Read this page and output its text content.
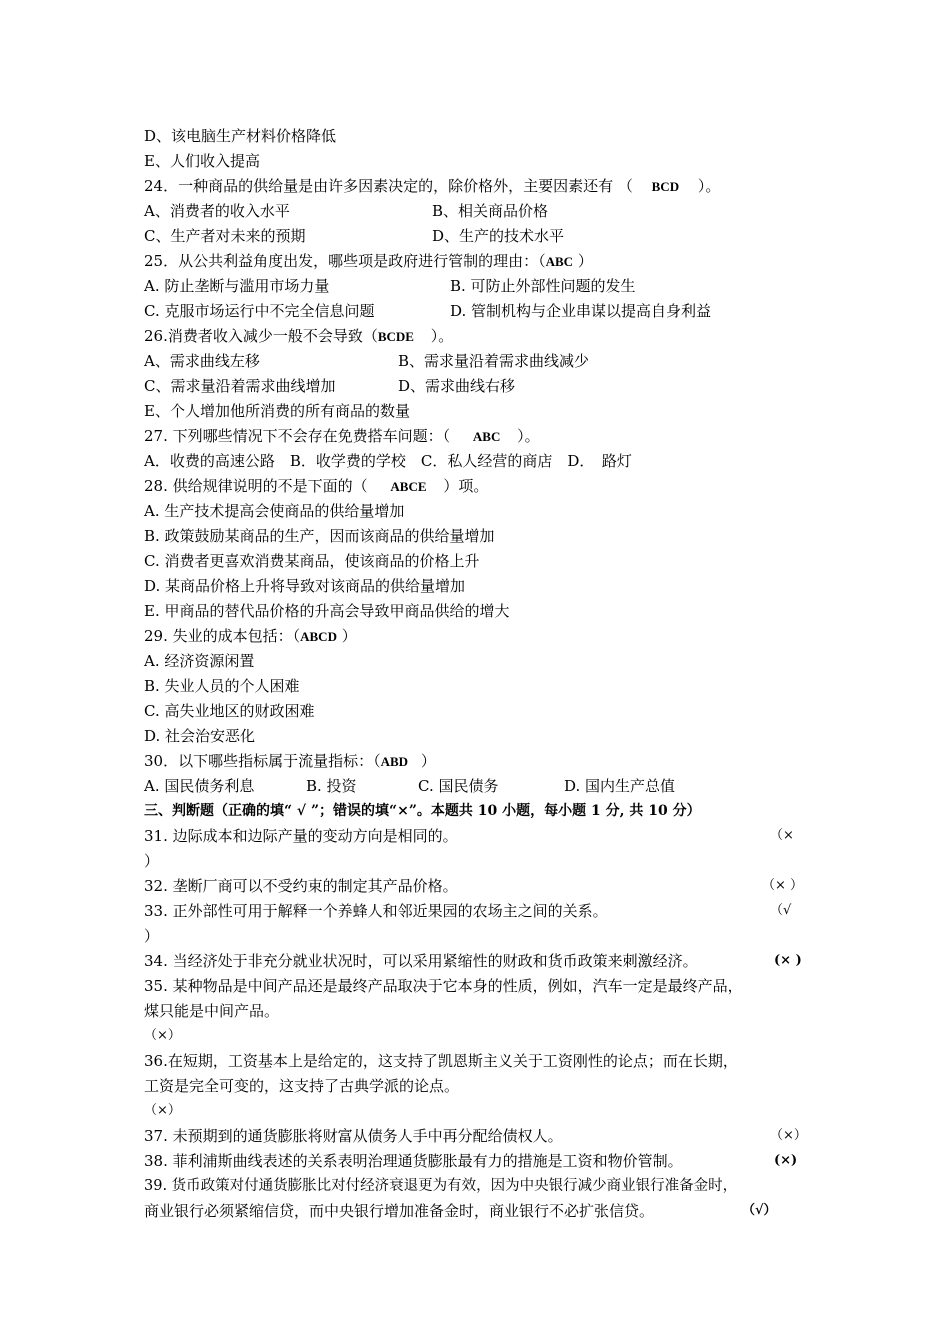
D、该电脑生产材料价格降低
E、人们收入提高
24．一种商品的供给量是由许多因素决定的，除价格外，主要因素还有 （ BCD ）。
A、消费者的收入水平	B、相关商品价格
C、生产者对未来的预期	D、生产的技术水平
25．从公共利益角度出发，哪些项是政府进行管制的理由：（ABC ）
A. 防止垄断与滥用市场力量	B. 可防止外部性问题的发生
C. 克服市场运行中不完全信息问题	D. 管制机构与企业串谋以提高自身利益
26.消费者收入减少一般不会导致（BCDE ）。
A、需求曲线左移	B、需求量沿着需求曲线减少
C、需求量沿着需求曲线增加	D、需求曲线右移
E、个人增加他所消费的所有商品的数量
27. 下列哪些情况下不会存在免费搭车问题：（ ABC ）。
A．收费的高速公路　B．收学费的学校　C．私人经营的商店　D．　路灯
28. 供给规律说明的不是下面的（ ABCE ）项。
A. 生产技术提高会使商品的供给量增加
B. 政策鼓励某商品的生产，因而该商品的供给量增加
C. 消费者更喜欢消费某商品，使该商品的价格上升
D. 某商品价格上升将导致对该商品的供给量增加
E. 甲商品的替代品价格的升高会导致甲商品供给的增大
29. 失业的成本包括：（ABCD ）
A. 经济资源闲置
B. 失业人员的个人困难
C. 高失业地区的财政困难
D. 社会治安恶化
30．以下哪些指标属于流量指标：（ABD ）
A. 国民债务利息	B. 投资	C. 国民债务	D. 国内生产总值
三、判断题（正确的填“ √ ”；错误的填“×”。本题共 10 小题，每小题 1 分, 共 10 分）
31. 边际成本和边际产量的变动方向是相同的。	（×
）
32. 垄断厂商可以不受约束的制定其产品价格。	（× ）
33. 正外部性可用于解释一个养蜂人和邻近果园的农场主之间的关系。	（√
）
34. 当经济处于非充分就业状况时，可以采用紧缩性的财政和货币政策来刺激经济。	(× )
35. 某种物品是中间产品还是最终产品取决于它本身的性质，例如，汽车一定是最终产品，
煤只能是中间产品。
（×）
36.在短期，工资基本上是给定的，这支持了凯恩斯主义关于工资刚性的论点；而在长期，
工资是完全可变的，这支持了古典学派的论点。
（×）
37. 未预期到的通货膨胀将财富从债务人手中再分配给债权人。	（×）
38. 菲利浦斯曲线表述的关系表明治理通货膨胀最有力的措施是工资和物价管制。	(×)
39. 货币政策对付通货膨胀比对付经济衰退更为有效，因为中央银行减少商业银行准备金时，
商业银行必须紧缩信贷，而中央银行增加准备金时，商业银行不必扩张信贷。	（√）
